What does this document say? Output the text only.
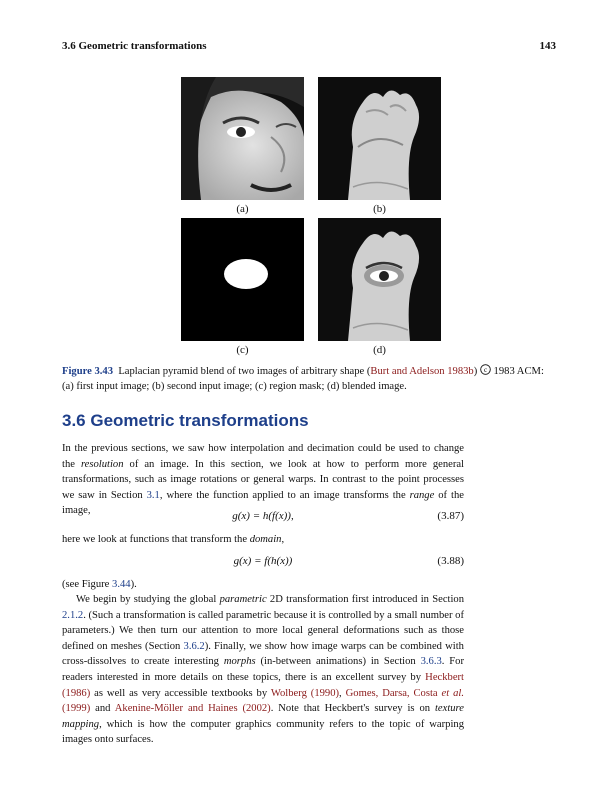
3.6 Geometric transformations	143
(a)	(b)
(c)	(d)
Figure 3.43 Laplacian pyramid blend of two images of arbitrary shape (Burt and Adelson 1983b) c 1983 ACM:
(a) first input image; (b) second input image; (c) region mask; (d) blended image.
3.6 Geometric transformations
In the previous sections, we saw how interpolation and decimation could be used to change the resolution of an image. In this section, we look at how to perform more general transformations, such as image rotations or general warps. In contrast to the point processes we saw in Section 3.1, where the function applied to an image transforms the range of the image,	g(x) = h(f(x)),	(3.87)
here we look at functions that transform the domain,
g(x) = f(h(x))	(3.88)
(see Figure 3.44).
We begin by studying the global parametric 2D transformation first introduced in Section 2.1.2. (Such a transformation is called parametric because it is controlled by a small number of parameters.) We then turn our attention to more local general deformations such as those defined on meshes (Section 3.6.2). Finally, we show how image warps can be combined with cross-dissolves to create interesting morphs (in-between animations) in Section 3.6.3. For readers interested in more details on these topics, there is an excellent survey by Heckbert (1986) as well as very accessible textbooks by Wolberg (1990), Gomes, Darsa, Costa et al. (1999) and Akenine-Möller and Haines (2002). Note that Heckbert's survey is on texture mapping, which is how the computer graphics community refers to the topic of warping images onto surfaces.
